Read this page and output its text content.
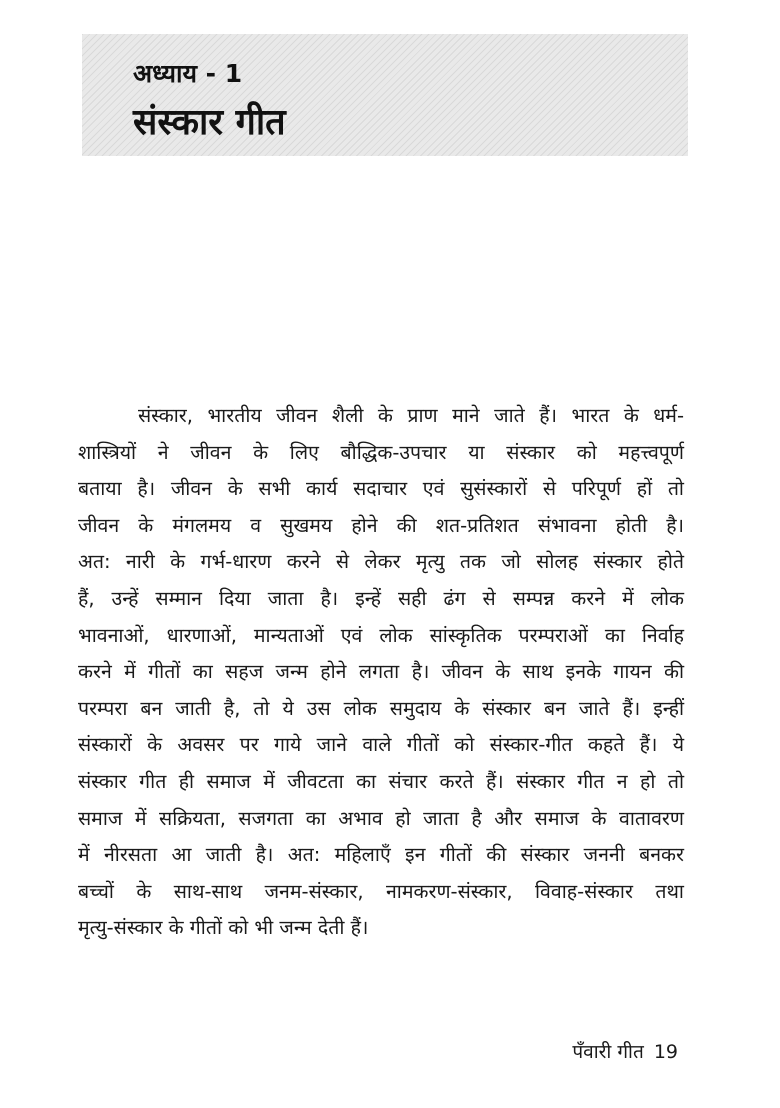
अध्याय - 1
संस्कार गीत
संस्कार, भारतीय जीवन शैली के प्राण माने जाते हैं। भारत के धर्म-
शास्त्रियों ने जीवन के लिए बौद्धिक-उपचार या संस्कार को महत्त्वपूर्ण
बताया है। जीवन के सभी कार्य सदाचार एवं सुसंस्कारों से परिपूर्ण हों तो
जीवन के मंगलमय व सुखमय होने की शत-प्रतिशत संभावना होती है।
अत: नारी के गर्भ-धारण करने से लेकर मृत्यु तक जो सोलह संस्कार होते
हैं, उन्हें सम्मान दिया जाता है। इन्हें सही ढंग से सम्पन्न करने में लोक
भावनाओं, धारणाओं, मान्यताओं एवं लोक सांस्कृतिक परम्पराओं का निर्वाह
करने में गीतों का सहज जन्म होने लगता है। जीवन के साथ इनके गायन की
परम्परा बन जाती है, तो ये उस लोक समुदाय के संस्कार बन जाते हैं। इन्हीं
संस्कारों के अवसर पर गाये जाने वाले गीतों को संस्कार-गीत कहते हैं। ये
संस्कार गीत ही समाज में जीवटता का संचार करते हैं। संस्कार गीत न हो तो
समाज में सक्रियता, सजगता का अभाव हो जाता है और समाज के वातावरण
में नीरसता आ जाती है। अत: महिलाएँ इन गीतों की संस्कार जननी बनकर
बच्चों के साथ-साथ जनम-संस्कार, नामकरण-संस्कार, विवाह-संस्कार तथा
मृत्यु-संस्कार के गीतों को भी जन्म देती हैं।
पँवारी गीत 19
